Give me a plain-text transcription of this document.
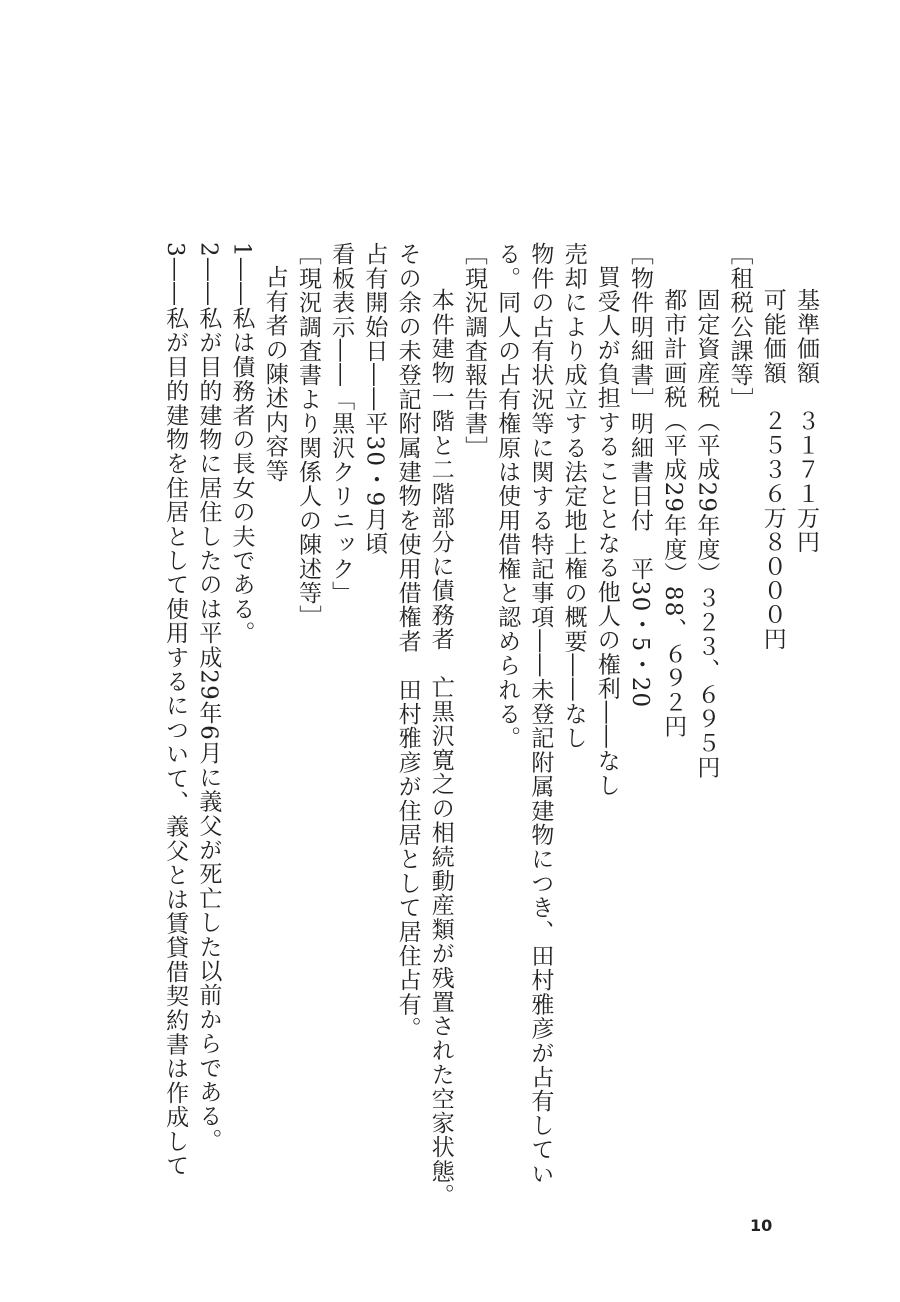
基準価額　３１７１万円
可能価額　２５３６万８０００円
［租税公課等］
固定資産税（平成29年度）３２３、６９５円
都市計画税（平成29年度）88、６９２円
［物件明細書］明細書日付　平30・5・20
買受人が負担することとなる他人の権利――なし
売却により成立する法定地上権の概要――なし
物件の占有状況等に関する特記事項――未登記附属建物につき、田村雅彦が占有してい
る。同人の占有権原は使用借権と認められる。
［現況調査報告書］
本件建物一階と二階部分に債務者　亡黒沢寛之の相続動産類が残置された空家状態。
その余の未登記附属建物を使用借権者　田村雅彦が住居として居住占有。
占有開始日――平30・9月頃
看板表示――「黒沢クリニック」
［現況調査書より関係人の陳述等］
占有者の陳述内容等
1――私は債務者の長女の夫である。
2――私が目的建物に居住したのは平成29年6月に義父が死亡した以前からである。
3――私が目的建物を住居として使用するについて、義父とは賃貸借契約書は作成して
10
